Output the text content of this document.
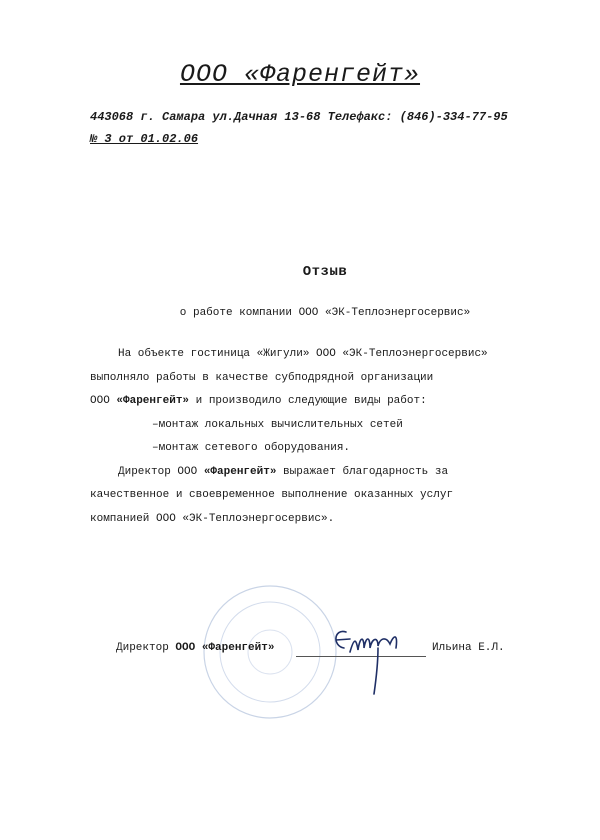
ООО «Фаренгейт»
443068 г. Самара ул.Дачная 13-68 Телефакс: (846)-334-77-95
№ 3 от 01.02.06
Отзыв
о работе компании ООО «ЭК-Теплоэнергосервис»
На объекте гостиница «Жигули» ООО «ЭК-Теплоэнергосервис»
выполняло работы в качестве субподрядной организации
ООО «Фаренгейт» и производило следующие виды работ:
–монтаж локальных вычислительных сетей
–монтаж сетевого оборудования.
Директор ООО «Фаренгейт» выражает благодарность за
качественное и своевременное выполнение оказанных услуг
компанией ООО «ЭК-Теплоэнергосервис».
Директор ООО «Фаренгейт»	Ильина Е.Л.
